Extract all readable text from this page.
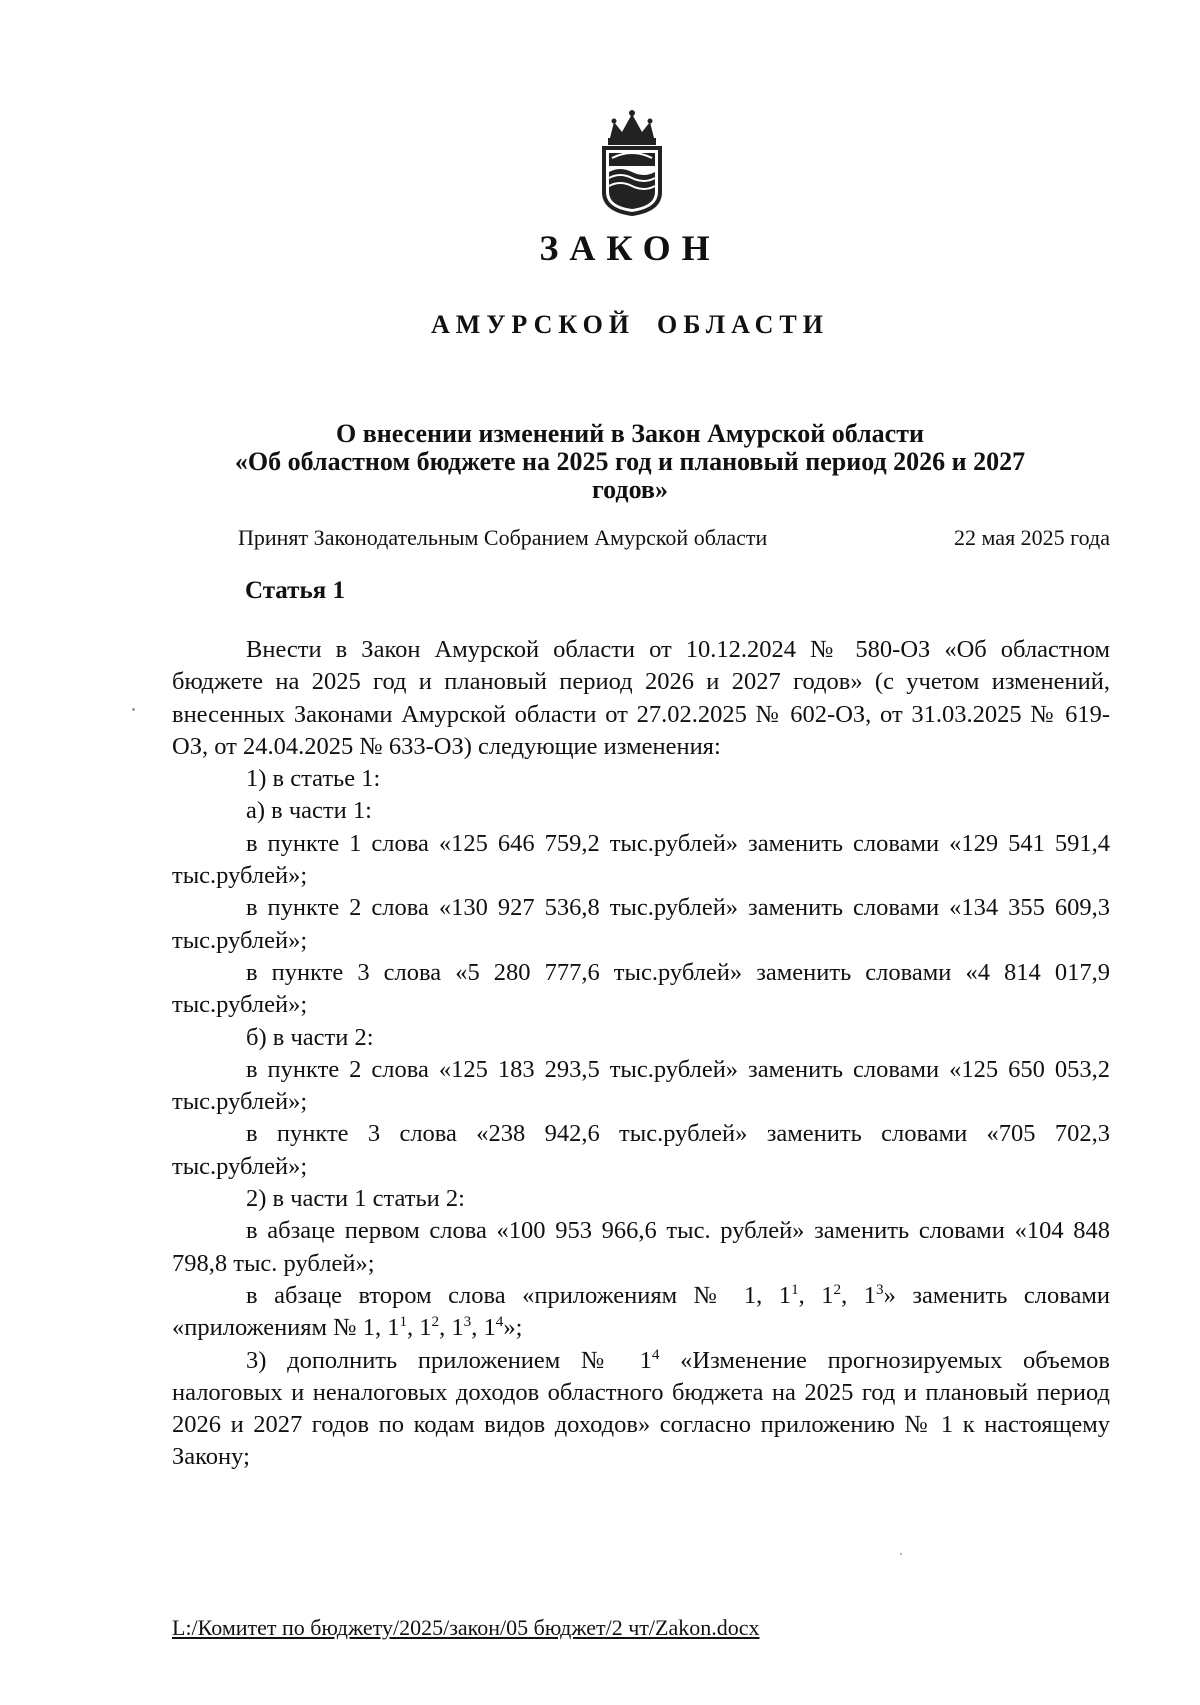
ЗАКОН
АМУРСКОЙ ОБЛАСТИ
О внесении изменений в Закон Амурской области
«Об областном бюджете на 2025 год и плановый период 2026 и 2027
годов»
Принят Законодательным Собранием Амурской области	22 мая 2025 года
Статья 1

Внести в Закон Амурской области от 10.12.2024 № 580-ОЗ «Об областном бюджете на 2025 год и плановый период 2026 и 2027 годов» (с учетом изменений, внесенных Законами Амурской области от 27.02.2025 № 602-ОЗ, от 31.03.2025 № 619-ОЗ, от 24.04.2025 № 633-ОЗ) следующие изменения:

1) в статье 1:

а) в части 1:

в пункте 1 слова «125 646 759,2 тыс.рублей» заменить словами «129 541 591,4 тыс.рублей»;

в пункте 2 слова «130 927 536,8 тыс.рублей» заменить словами «134 355 609,3 тыс.рублей»;

в пункте 3 слова «5 280 777,6 тыс.рублей» заменить словами «4 814 017,9 тыс.рублей»;

б) в части 2:

в пункте 2 слова «125 183 293,5 тыс.рублей» заменить словами «125 650 053,2 тыс.рублей»;

в пункте 3 слова «238 942,6 тыс.рублей» заменить словами «705 702,3 тыс.рублей»;

2) в части 1 статьи 2:

в абзаце первом слова «100 953 966,6 тыс. рублей» заменить словами «104 848 798,8 тыс. рублей»;

в абзаце втором слова «приложениям № 1, $1^1$, $1^2$, $1^3$» заменить словами «приложениям № 1, $1^1$, $1^2$, $1^3$, $1^4$»;

3) дополнить приложением № $1^4$ «Изменение прогнозируемых объемов налоговых и неналоговых доходов областного бюджета на 2025 год и плановый период 2026 и 2027 годов по кодам видов доходов» согласно приложению № 1 к настоящему Закону;

L:/Комитет по бюджету/2025/закон/05 бюджет/2 чт/Zakon.docx
